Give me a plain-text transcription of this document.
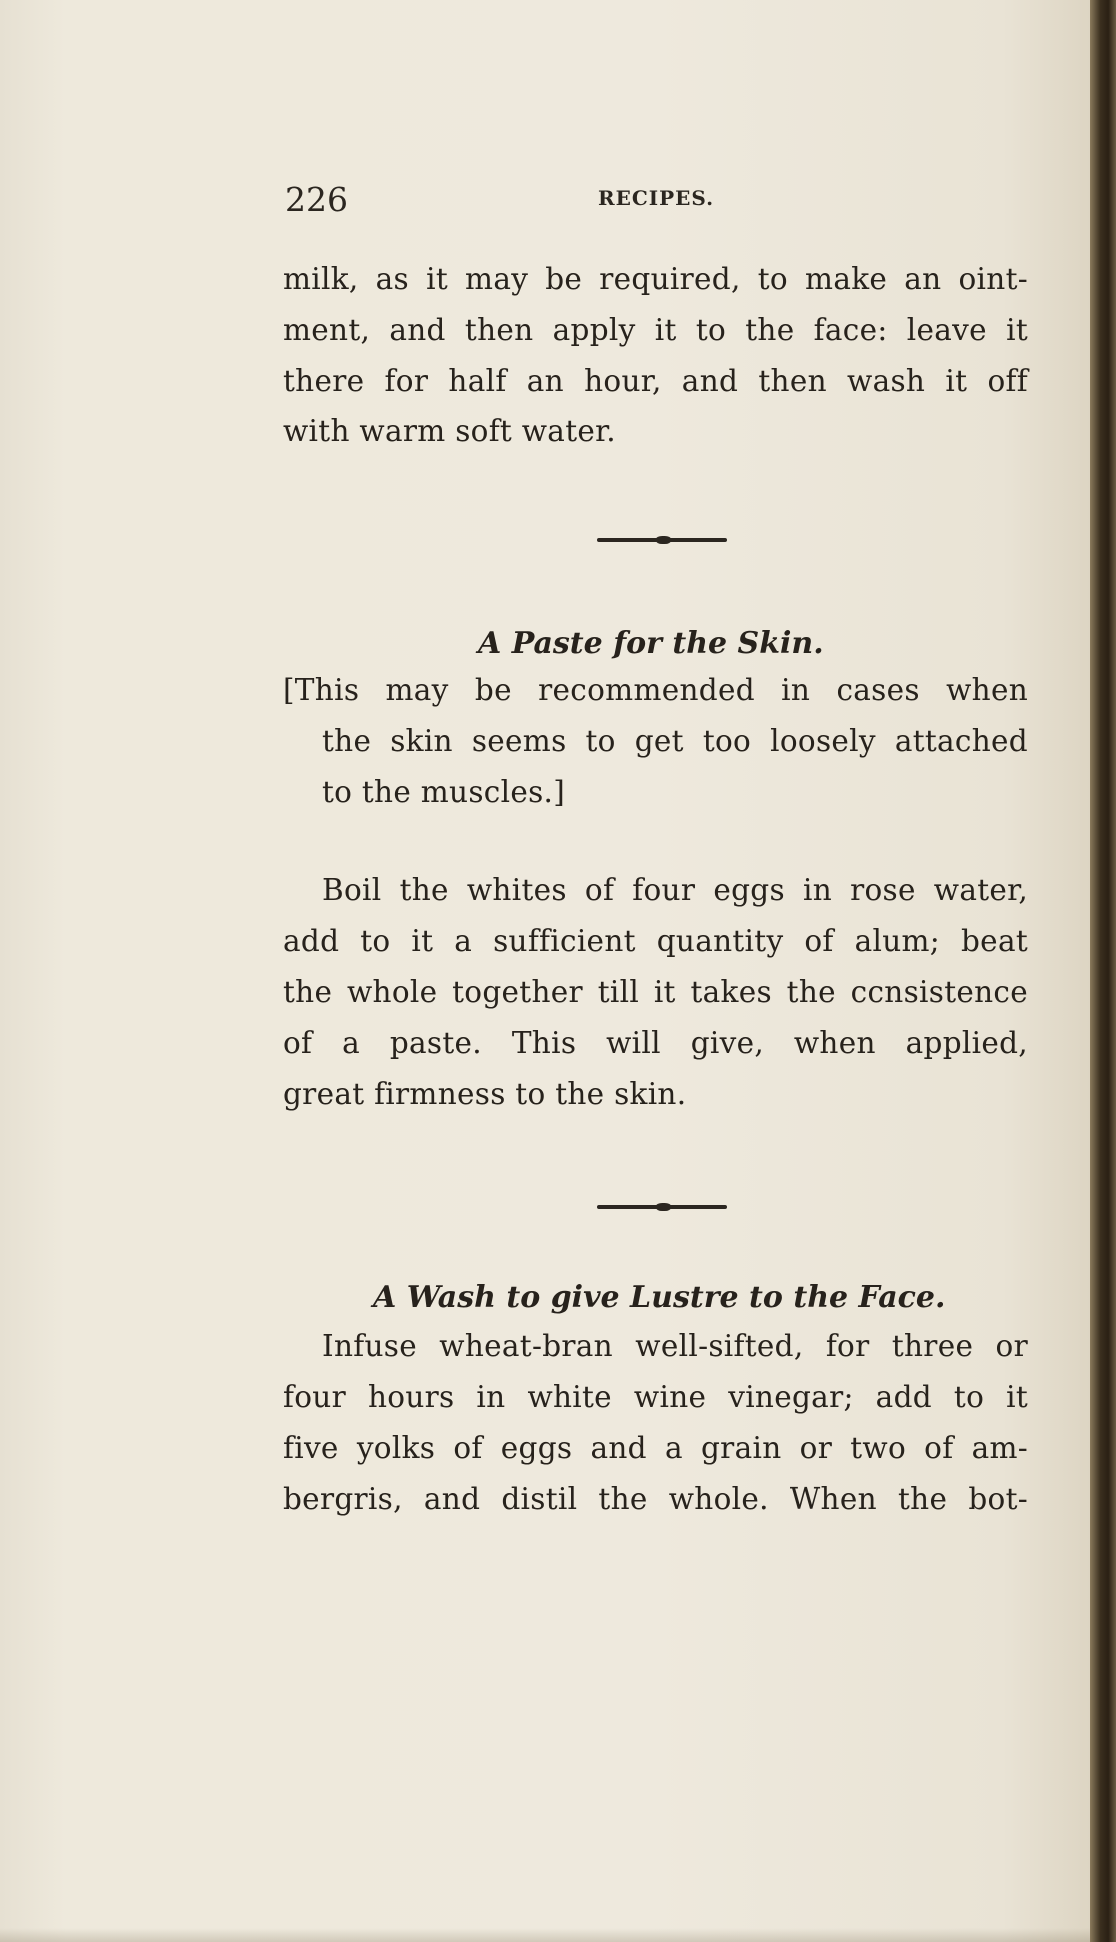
226	RECIPES.
milk, as it may be required, to make an oint-
ment, and then apply it to the face: leave it
there for half an hour, and then wash it off
with warm soft water.
A Paste for the Skin.
[This may be recommended in cases when
the skin seems to get too loosely attached
to the muscles.]
Boil the whites of four eggs in rose water,
add to it a sufficient quantity of alum; beat
the whole together till it takes the ccnsistence
of a paste. This will give, when applied,
great firmness to the skin.
A Wash to give Lustre to the Face.
Infuse wheat-bran well-sifted, for three or
four hours in white wine vinegar; add to it
five yolks of eggs and a grain or two of am-
bergris, and distil the whole. When the bot-
